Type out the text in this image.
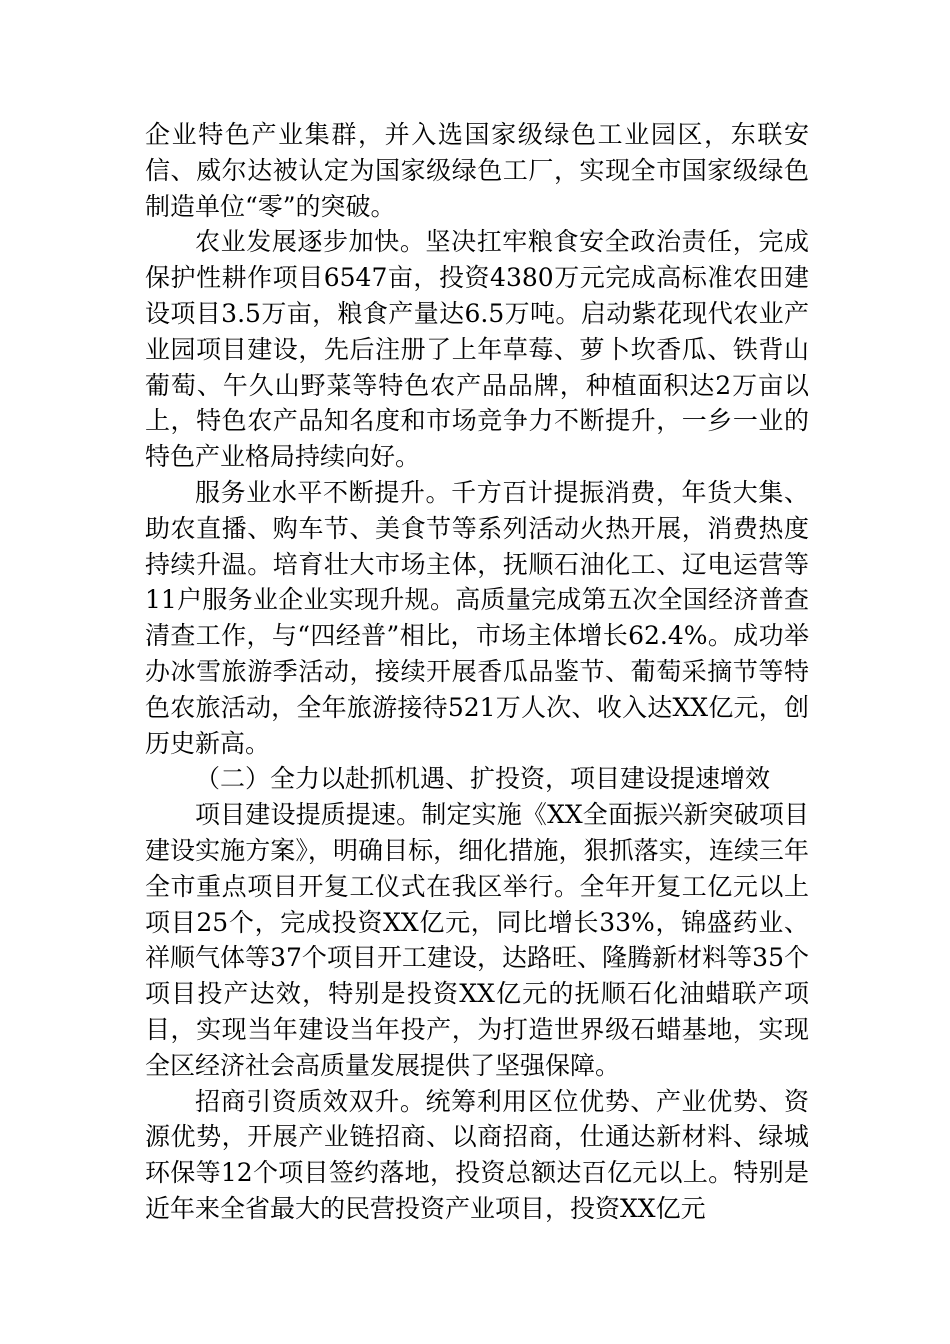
企业特色产业集群，并入选国家级绿色工业园区，东联安信、威尔达被认定为国家级绿色工厂，实现全市国家级绿色制造单位“零”的突破。

农业发展逐步加快。坚决扛牢粮食安全政治责任，完成保护性耕作项目6547亩，投资4380万元完成高标准农田建设项目3.5万亩，粮食产量达6.5万吨。启动紫花现代农业产业园项目建设，先后注册了上年草莓、萝卜坎香瓜、铁背山葡萄、午久山野菜等特色农产品品牌，种植面积达2万亩以上，特色农产品知名度和市场竞争力不断提升，一乡一业的特色产业格局持续向好。

服务业水平不断提升。千方百计提振消费，年货大集、助农直播、购车节、美食节等系列活动火热开展，消费热度持续升温。培育壮大市场主体，抚顺石油化工、辽电运营等11户服务业企业实现升规。高质量完成第五次全国经济普查清查工作，与“四经普”相比，市场主体增长62.4%。成功举办冰雪旅游季活动，接续开展香瓜品鉴节、葡萄采摘节等特色农旅活动，全年旅游接待521万人次、收入达XX亿元，创历史新高。

（二）全力以赴抓机遇、扩投资，项目建设提速增效

项目建设提质提速。制定实施《XX全面振兴新突破项目建设实施方案》，明确目标，细化措施，狠抓落实，连续三年全市重点项目开复工仪式在我区举行。全年开复工亿元以上项目25个，完成投资XX亿元，同比增长33%，锦盛药业、祥顺气体等37个项目开工建设，达路旺、隆腾新材料等35个项目投产达效，特别是投资XX亿元的抚顺石化油蜡联产项目，实现当年建设当年投产，为打造世界级石蜡基地，实现全区经济社会高质量发展提供了坚强保障。

招商引资质效双升。统筹利用区位优势、产业优势、资源优势，开展产业链招商、以商招商，仕通达新材料、绿城环保等12个项目签约落地，投资总额达百亿元以上。特别是近年来全省最大的民营投资产业项目，投资XX亿元
